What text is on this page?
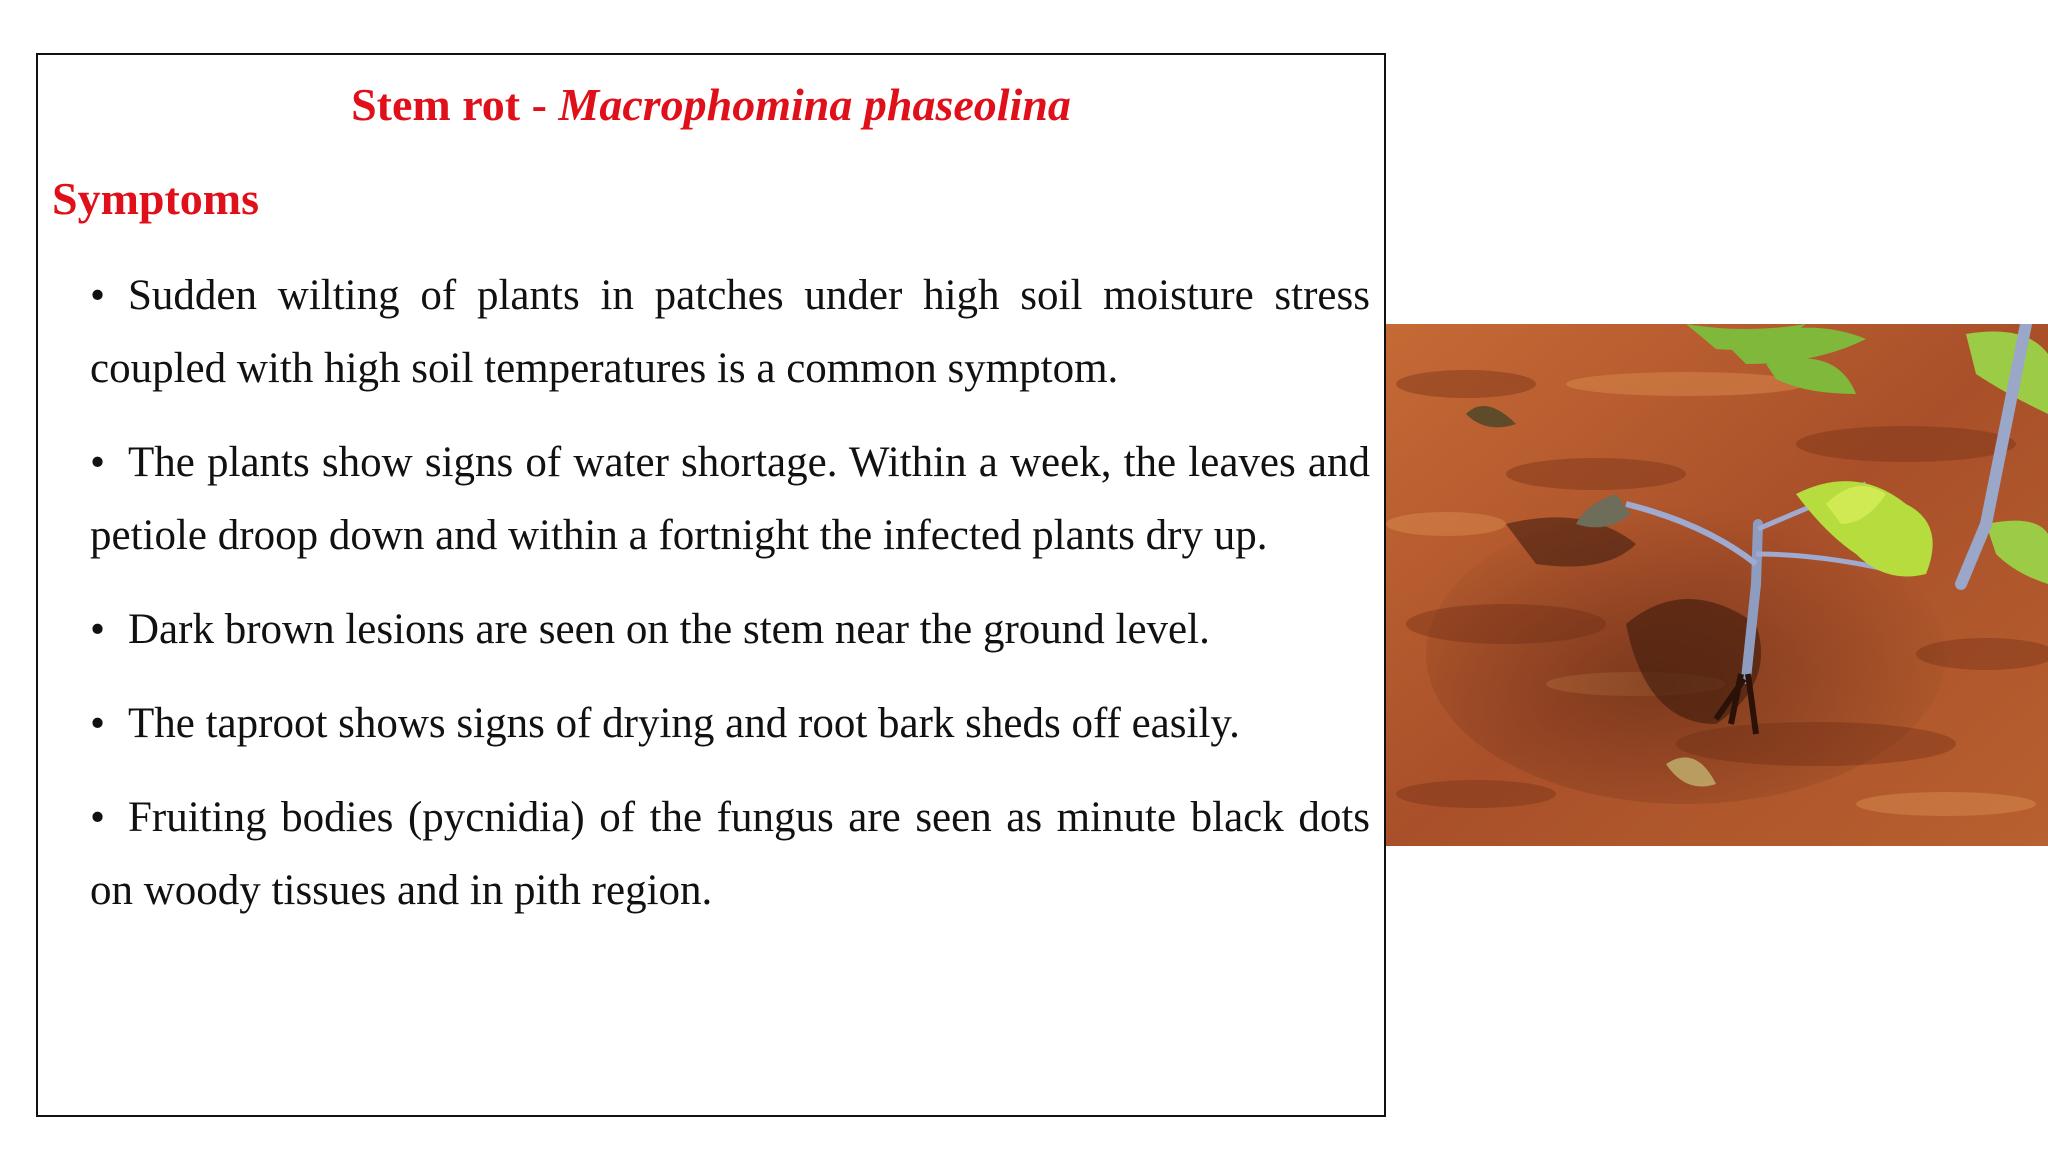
Stem rot - Macrophomina phaseolina
Symptoms
• Sudden wilting of plants in patches under high soil moisture stress coupled with high soil temperatures is a common symptom.
• The plants show signs of water shortage. Within a week, the leaves and petiole droop down and within a fortnight the infected plants dry up.
• Dark brown lesions are seen on the stem near the ground level.
• The taproot shows signs of drying and root bark sheds off easily.
• Fruiting bodies (pycnidia) of the fungus are seen as minute black dots on woody tissues and in pith region.
